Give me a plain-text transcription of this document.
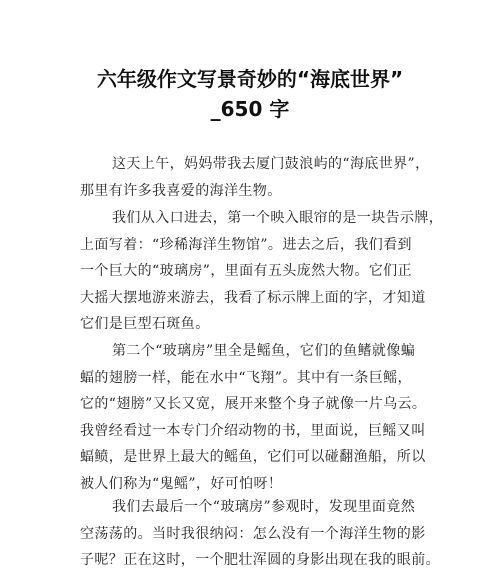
六年级作文写景奇妙的“海底世界”
_650 字
这天上午，妈妈带我去厦门鼓浪屿的“海底世界”，
那里有许多我喜爱的海洋生物。
我们从入口进去，第一个映入眼帘的是一块告示牌，
上面写着：“珍稀海洋生物馆”。进去之后，我们看到
一个巨大的“玻璃房”，里面有五头庞然大物。它们正
大摇大摆地游来游去，我看了标示牌上面的字，才知道
它们是巨型石斑鱼。
第二个“玻璃房”里全是鳐鱼，它们的鱼鳍就像蝙
蝠的翅膀一样，能在水中“飞翔”。其中有一条巨鳐，
它的“翅膀”又长又宽，展开来整个身子就像一片乌云。
我曾经看过一本专门介绍动物的书，里面说，巨鳐又叫
蝠鲼，是世界上最大的鳐鱼，它们可以碰翻渔船，所以
被人们称为“鬼鳐”，好可怕呀！
我们去最后一个“玻璃房”参观时，发现里面竟然
空荡荡的。当时我很纳闷：怎么没有一个海洋生物的影
子呢？正在这时，一个肥壮浑圆的身影出现在我的眼前。
